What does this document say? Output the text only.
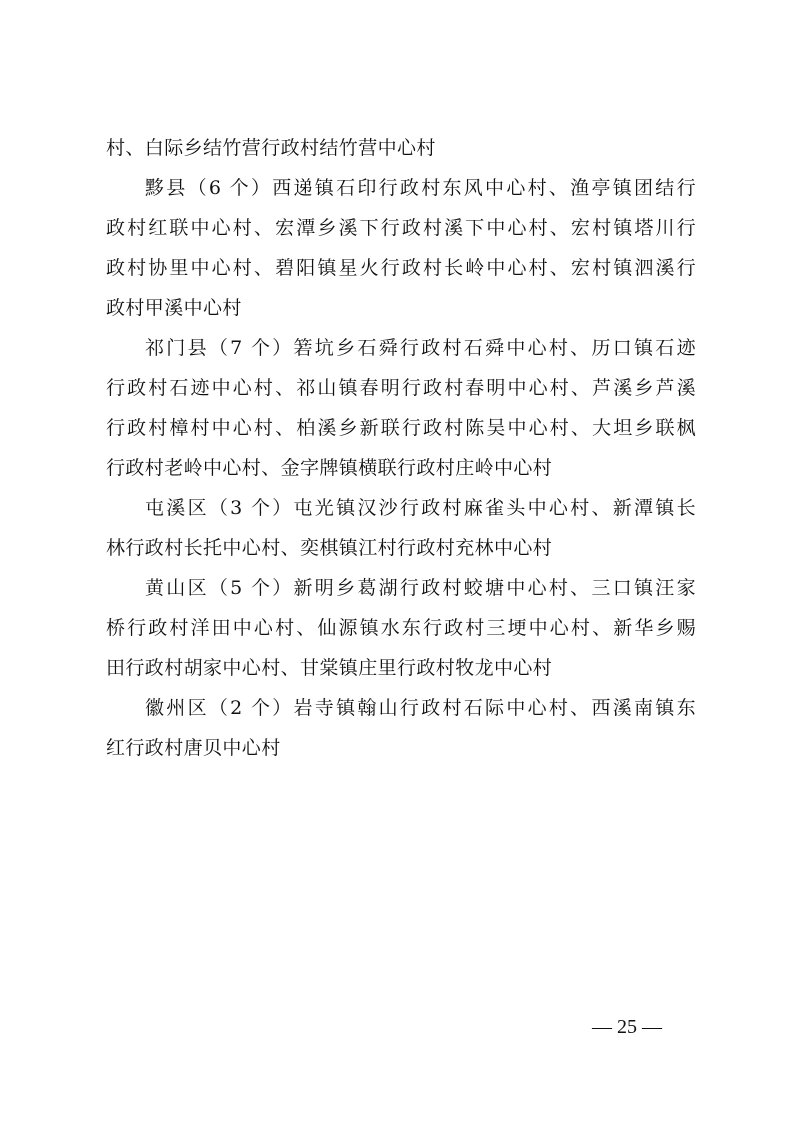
村、白际乡结竹营行政村结竹营中心村
黟县（6 个）西递镇石印行政村东风中心村、渔亭镇团结行
政村红联中心村、宏潭乡溪下行政村溪下中心村、宏村镇塔川行
政村协里中心村、碧阳镇星火行政村长岭中心村、宏村镇泗溪行
政村甲溪中心村
祁门县（7 个）箬坑乡石舜行政村石舜中心村、历口镇石迹
行政村石迹中心村、祁山镇春明行政村春明中心村、芦溪乡芦溪
行政村樟村中心村、柏溪乡新联行政村陈吴中心村、大坦乡联枫
行政村老岭中心村、金字牌镇横联行政村庄岭中心村
屯溪区（3 个）屯光镇汉沙行政村麻雀头中心村、新潭镇长
林行政村长托中心村、奕棋镇江村行政村充林中心村
黄山区（5 个）新明乡葛湖行政村蛟塘中心村、三口镇汪家
桥行政村洋田中心村、仙源镇水东行政村三埂中心村、新华乡赐
田行政村胡家中心村、甘棠镇庄里行政村牧龙中心村
徽州区（2 个）岩寺镇翰山行政村石际中心村、西溪南镇东
红行政村唐贝中心村
— 25 —
